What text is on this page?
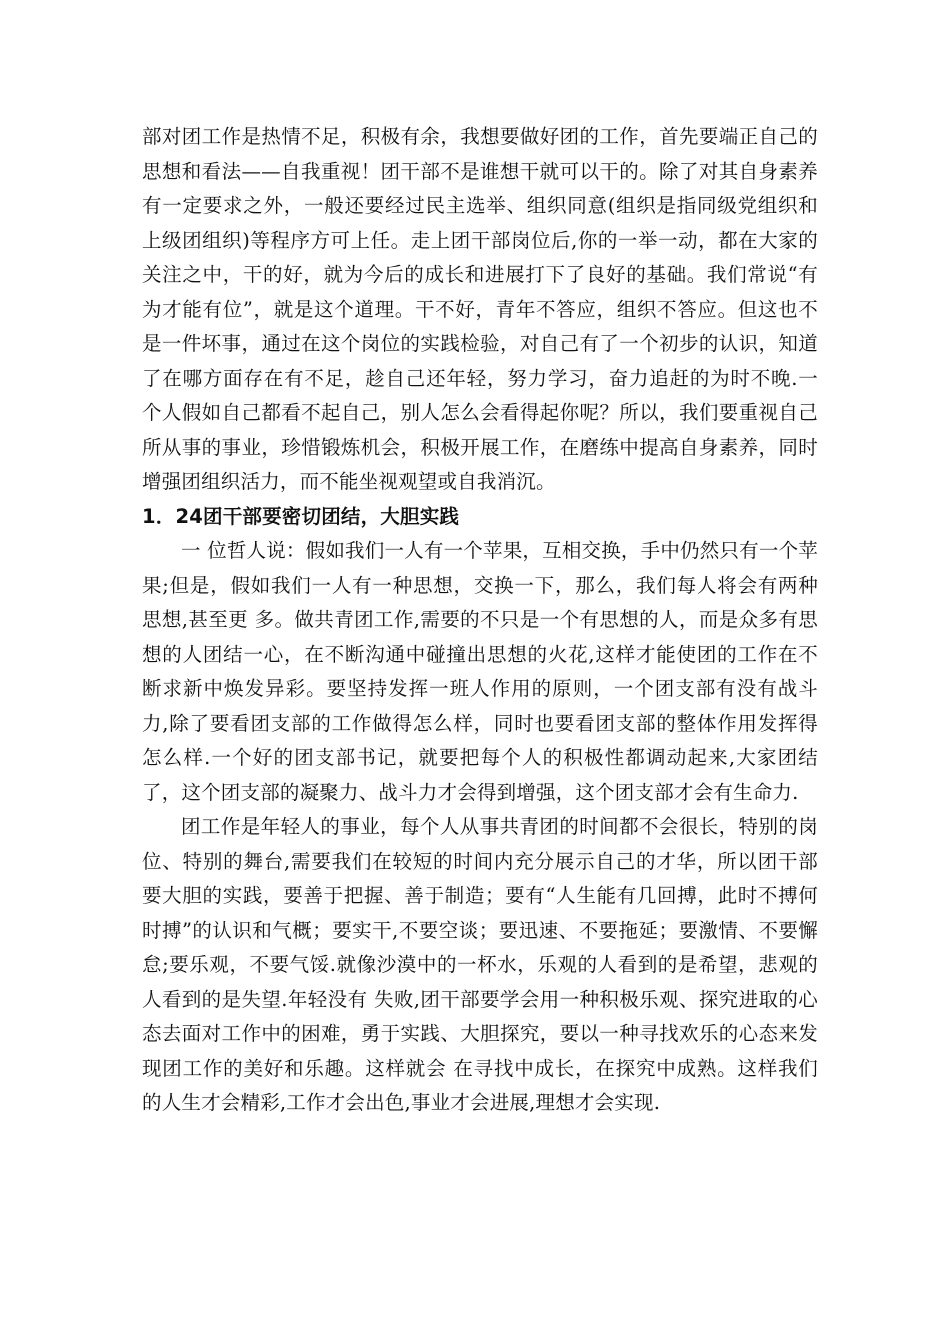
部对团工作是热情不足，积极有余，我想要做好团的工作，首先要端正自己的思想和看法——自我重视！团干部不是谁想干就可以干的。除了对其自身素养有一定要求之外，一般还要经过民主选举、组织同意(组织是指同级党组织和上级团组织)等程序方可上任。走上团干部岗位后,你的一举一动，都在大家的关注之中，干的好，就为今后的成长和进展打下了良好的基础。我们常说“有为才能有位”，就是这个道理。干不好，青年不答应，组织不答应。但这也不是一件坏事，通过在这个岗位的实践检验，对自己有了一个初步的认识，知道了在哪方面存在有不足，趁自己还年轻，努力学习，奋力追赶的为时不晚.一个人假如自己都看不起自己，别人怎么会看得起你呢？所以，我们要重视自己所从事的事业，珍惜锻炼机会，积极开展工作，在磨练中提高自身素养，同时增强团组织活力，而不能坐视观望或自我消沉。

1．24团干部要密切团结，大胆实践

一 位哲人说：假如我们一人有一个苹果，互相交换，手中仍然只有一个苹果;但是，假如我们一人有一种思想，交换一下，那么，我们每人将会有两种思想,甚至更 多。做共青团工作,需要的不只是一个有思想的人，而是众多有思想的人团结一心，在不断沟通中碰撞出思想的火花,这样才能使团的工作在不断求新中焕发异彩。要坚持发挥一班人作用的原则，一个团支部有没有战斗力,除了要看团支部的工作做得怎么样，同时也要看团支部的整体作用发挥得怎么样.一个好的团支部书记，就要把每个人的积极性都调动起来,大家团结了，这个团支部的凝聚力、战斗力才会得到增强，这个团支部才会有生命力.

团工作是年轻人的事业，每个人从事共青团的时间都不会很长，特别的岗位、特别的舞台,需要我们在较短的时间内充分展示自己的才华，所以团干部要大胆的实践，要善于把握、善于制造；要有“人生能有几回搏，此时不搏何时搏”的认识和气概；要实干,不要空谈；要迅速、不要拖延；要激情、不要懈怠;要乐观，不要气馁.就像沙漠中的一杯水，乐观的人看到的是希望，悲观的人看到的是失望.年轻没有 失败,团干部要学会用一种积极乐观、探究进取的心态去面对工作中的困难，勇于实践、大胆探究，要以一种寻找欢乐的心态来发现团工作的美好和乐趣。这样就会 在寻找中成长，在探究中成熟。这样我们的人生才会精彩,工作才会出色,事业才会进展,理想才会实现.
